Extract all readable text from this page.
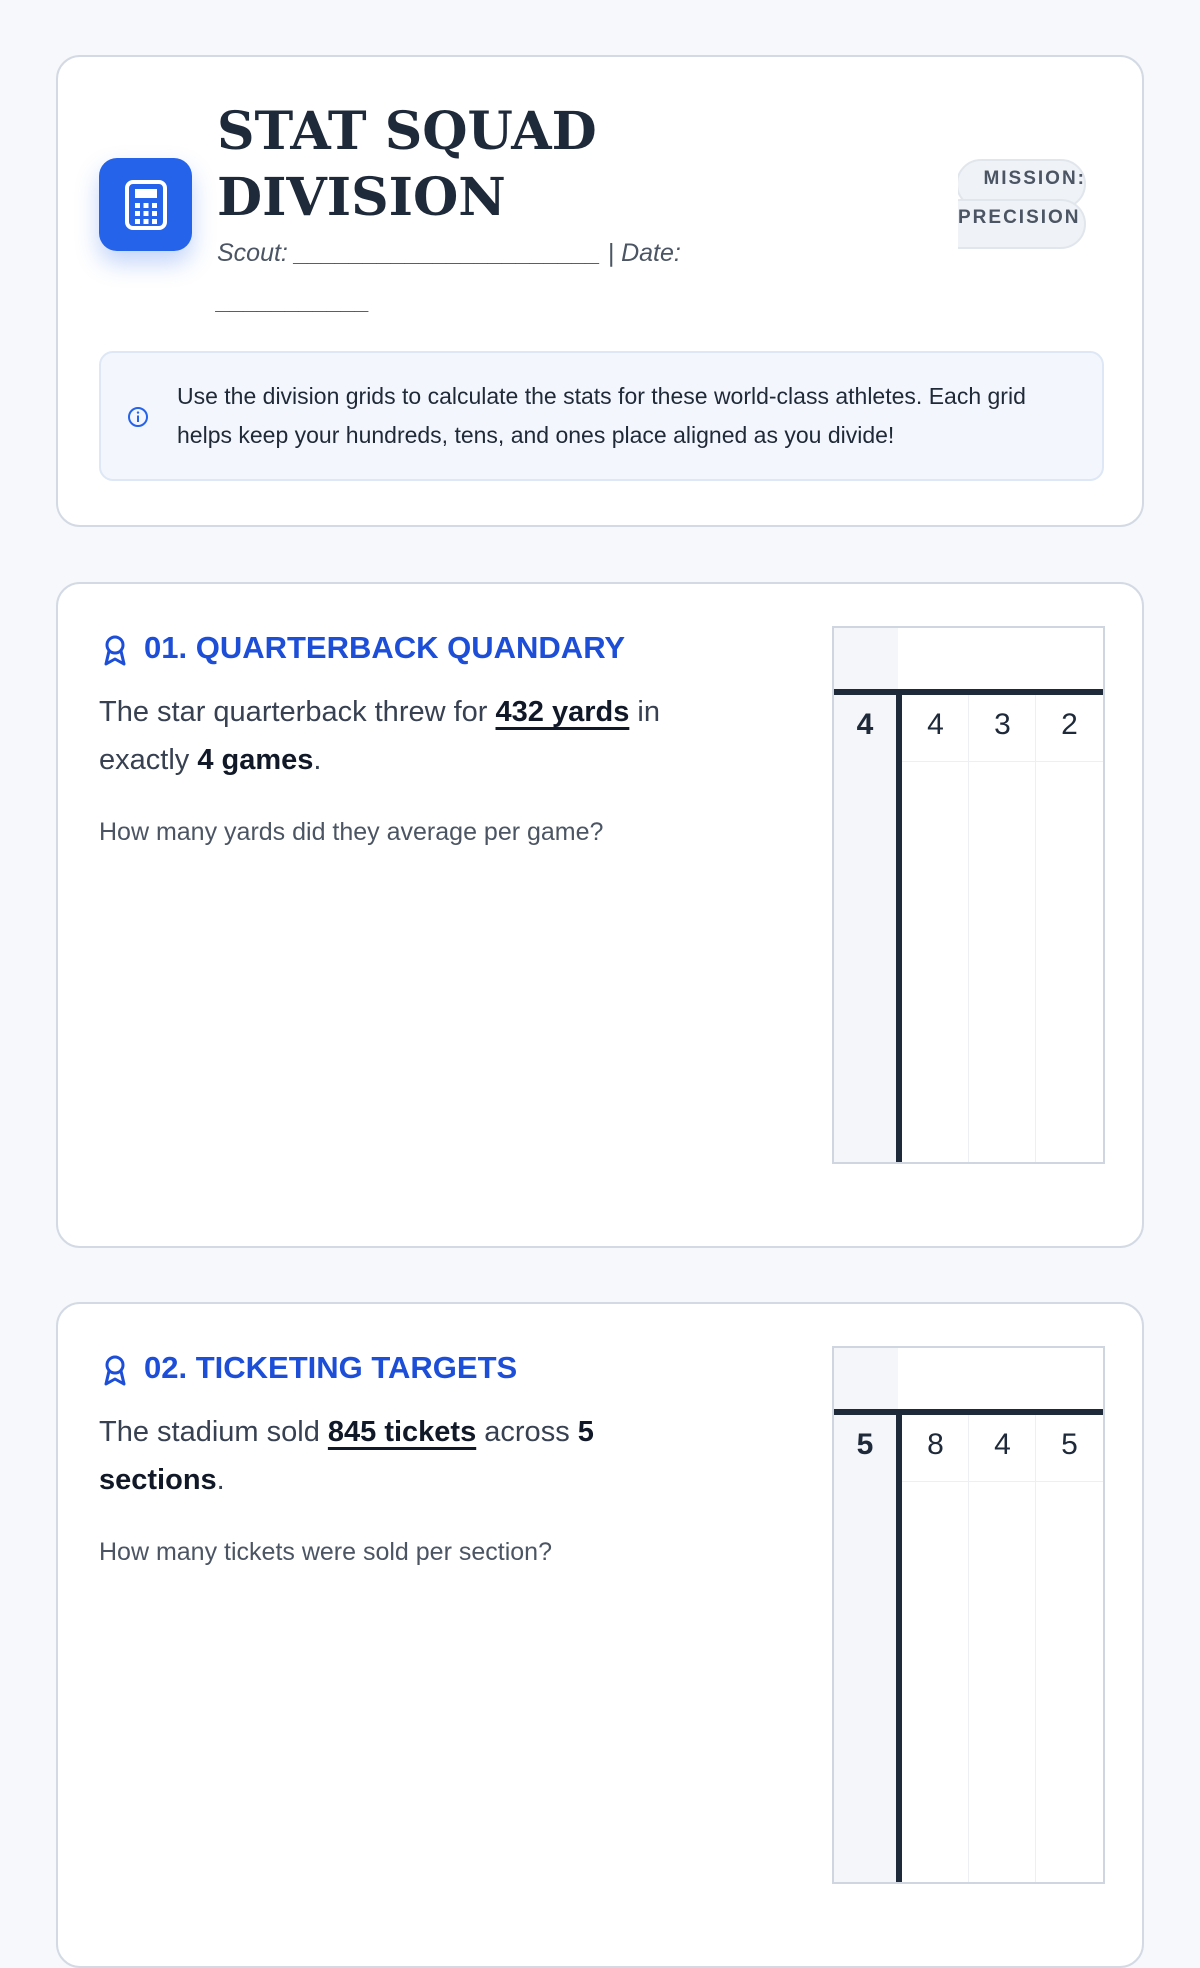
STAT SQUAD DIVISION
Scout: ______________________ | Date: ___________
MISSION:
PRECISION
Use the division grids to calculate the stats for these world-class athletes. Each grid helps keep your hundreds, tens, and ones place aligned as you divide!
01. QUARTERBACK QUANDARY

The star quarterback threw for 432 yards in exactly 4 games.

How many yards did they average per game?

4	4	3	2
02. TICKETING TARGETS

The stadium sold 845 tickets across 5 sections.

How many tickets were sold per section?

5	8	4	5
